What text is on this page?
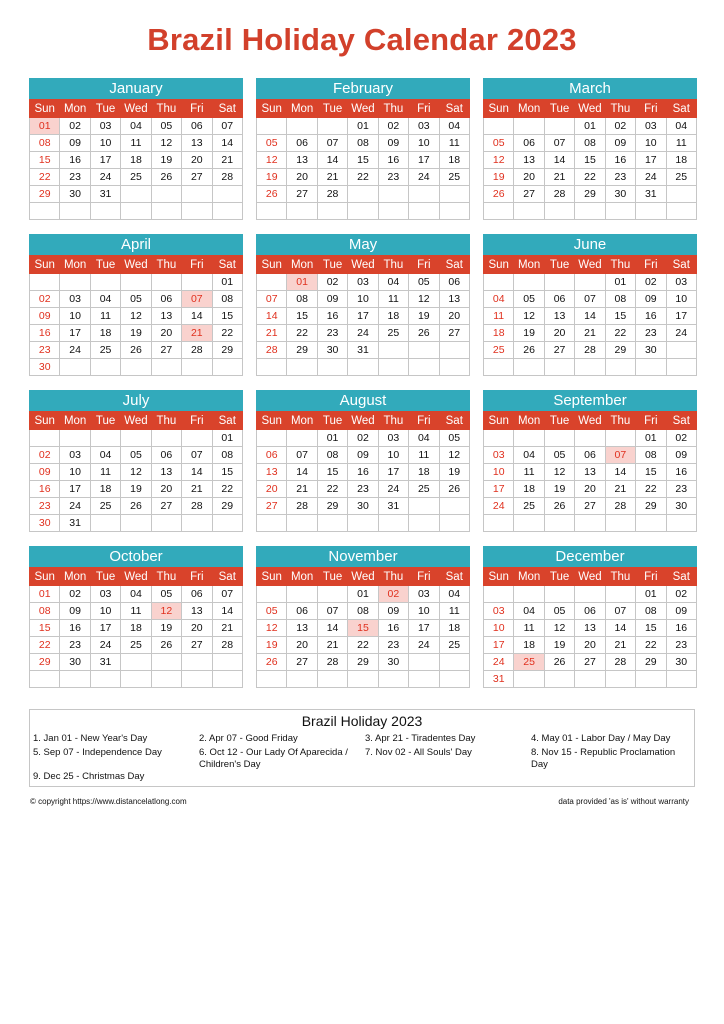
Brazil Holiday Calendar 2023
January
Sun	Mon	Tue	Wed	Thu	Fri	Sat
01	02	03	04	05	06	07
08	09	10	11	12	13	14
15	16	17	18	19	20	21
22	23	24	25	26	27	28
29	30	31				

February
Sun	Mon	Tue	Wed	Thu	Fri	Sat
			01	02	03	04
05	06	07	08	09	10	11
12	13	14	15	16	17	18
19	20	21	22	23	24	25
26	27	28				

March
Sun	Mon	Tue	Wed	Thu	Fri	Sat
			01	02	03	04
05	06	07	08	09	10	11
12	13	14	15	16	17	18
19	20	21	22	23	24	25
26	27	28	29	30	31	

April
Sun	Mon	Tue	Wed	Thu	Fri	Sat
						01
02	03	04	05	06	07	08
09	10	11	12	13	14	15
16	17	18	19	20	21	22
23	24	25	26	27	28	29
30						
May
Sun	Mon	Tue	Wed	Thu	Fri	Sat
	01	02	03	04	05	06
07	08	09	10	11	12	13
14	15	16	17	18	19	20
21	22	23	24	25	26	27
28	29	30	31			

June
Sun	Mon	Tue	Wed	Thu	Fri	Sat
				01	02	03
04	05	06	07	08	09	10
11	12	13	14	15	16	17
18	19	20	21	22	23	24
25	26	27	28	29	30	

July
Sun	Mon	Tue	Wed	Thu	Fri	Sat
						01
02	03	04	05	06	07	08
09	10	11	12	13	14	15
16	17	18	19	20	21	22
23	24	25	26	27	28	29
30	31					
August
Sun	Mon	Tue	Wed	Thu	Fri	Sat
		01	02	03	04	05
06	07	08	09	10	11	12
13	14	15	16	17	18	19
20	21	22	23	24	25	26
27	28	29	30	31		

September
Sun	Mon	Tue	Wed	Thu	Fri	Sat
					01	02
03	04	05	06	07	08	09
10	11	12	13	14	15	16
17	18	19	20	21	22	23
24	25	26	27	28	29	30

October
Sun	Mon	Tue	Wed	Thu	Fri	Sat
01	02	03	04	05	06	07
08	09	10	11	12	13	14
15	16	17	18	19	20	21
22	23	24	25	26	27	28
29	30	31				

November
Sun	Mon	Tue	Wed	Thu	Fri	Sat
			01	02	03	04
05	06	07	08	09	10	11
12	13	14	15	16	17	18
19	20	21	22	23	24	25
26	27	28	29	30		

December
Sun	Mon	Tue	Wed	Thu	Fri	Sat
					01	02
03	04	05	06	07	08	09
10	11	12	13	14	15	16
17	18	19	20	21	22	23
24	25	26	27	28	29	30
31						
Brazil Holiday 2023
1. Jan 01 - New Year's Day	2. Apr 07 - Good Friday	3. Apr 21 - Tiradentes Day	4. May 01 - Labor Day / May Day
5. Sep 07 - Independence Day	6. Oct 12 - Our Lady Of Aparecida / Children's Day
7. Nov 02 - All Souls' Day	8. Nov 15 - Republic Proclamation Day
9. Dec 25 - Christmas Day
© copyright https://www.distancelatlong.com	data provided 'as is' without warranty
